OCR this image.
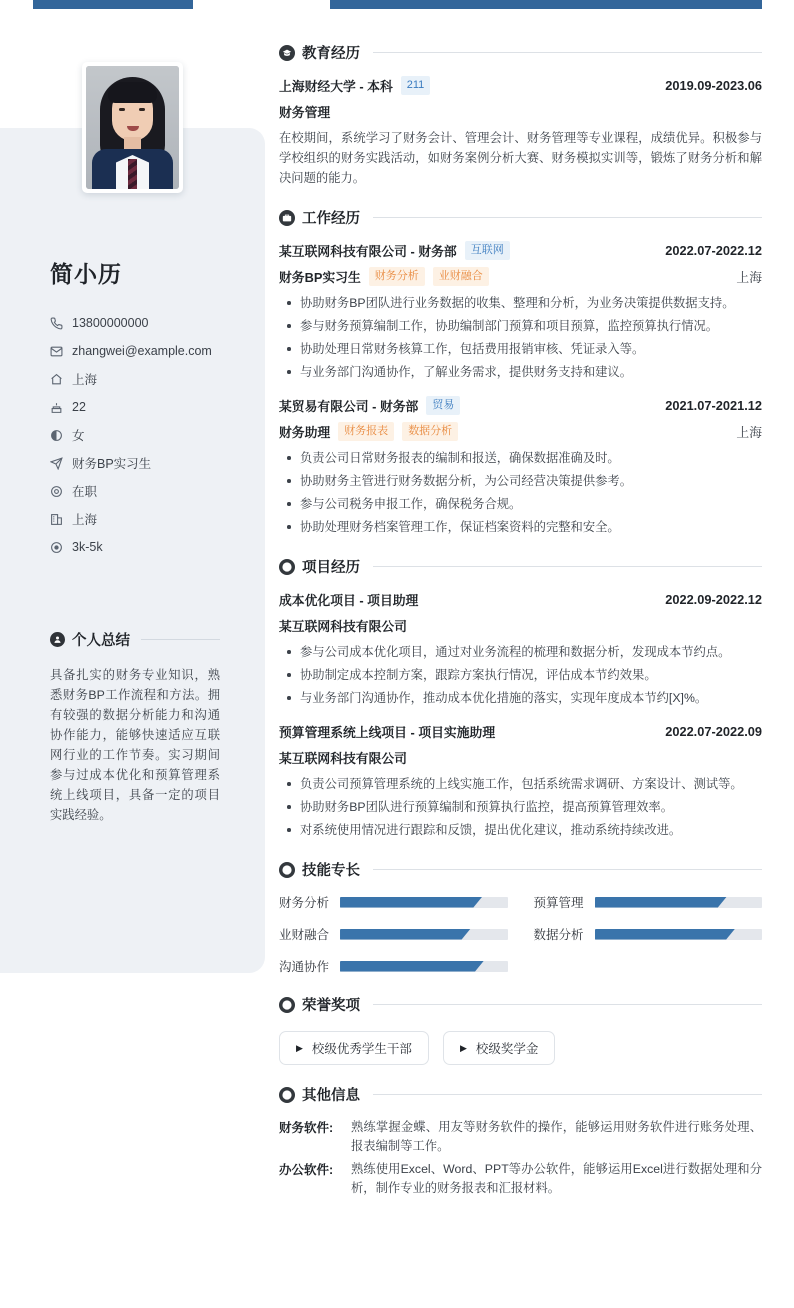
简小历
13800000000
zhangwei@example.com
上海
22
女
财务BP实习生
在职
上海
3k-5k
个人总结
具备扎实的财务专业知识，熟悉财务BP工作流程和方法。拥有较强的数据分析能力和沟通协作能力，能够快速适应互联网行业的工作节奏。实习期间参与过成本优化和预算管理系统上线项目，具备一定的项目实践经验。
教育经历
上海财经大学 - 本科	211	2019.09-2023.06
财务管理
在校期间，系统学习了财务会计、管理会计、财务管理等专业课程，成绩优异。积极参与学校组织的财务实践活动，如财务案例分析大赛、财务模拟实训等，锻炼了财务分析和解决问题的能力。
工作经历
某互联网科技有限公司 - 财务部	互联网	2022.07-2022.12
财务BP实习生	财务分析	业财融合	上海
协助财务BP团队进行业务数据的收集、整理和分析，为业务决策提供数据支持。
参与财务预算编制工作，协助编制部门预算和项目预算，监控预算执行情况。
协助处理日常财务核算工作，包括费用报销审核、凭证录入等。
与业务部门沟通协作，了解业务需求，提供财务支持和建议。
某贸易有限公司 - 财务部	贸易	2021.07-2021.12
财务助理	财务报表	数据分析	上海
负责公司日常财务报表的编制和报送，确保数据准确及时。
协助财务主管进行财务数据分析，为公司经营决策提供参考。
参与公司税务申报工作，确保税务合规。
协助处理财务档案管理工作，保证档案资料的完整和安全。
项目经历
成本优化项目 - 项目助理	2022.09-2022.12
某互联网科技有限公司
参与公司成本优化项目，通过对业务流程的梳理和数据分析，发现成本节约点。
协助制定成本控制方案，跟踪方案执行情况，评估成本节约效果。
与业务部门沟通协作，推动成本优化措施的落实，实现年度成本节约[X]%。
预算管理系统上线项目 - 项目实施助理	2022.07-2022.09
某互联网科技有限公司
负责公司预算管理系统的上线实施工作，包括系统需求调研、方案设计、测试等。
协助财务BP团队进行预算编制和预算执行监控，提高预算管理效率。
对系统使用情况进行跟踪和反馈，提出优化建议，推动系统持续改进。
技能专长
财务分析	预算管理
业财融合	数据分析
沟通协作
荣誉奖项
▶ 校级优秀学生干部	▶ 校级奖学金
其他信息
财务软件:	熟练掌握金蝶、用友等财务软件的操作，能够运用财务软件进行账务处理、报表编制等工作。
办公软件:	熟练使用Excel、Word、PPT等办公软件，能够运用Excel进行数据处理和分析，制作专业的财务报表和汇报材料。
